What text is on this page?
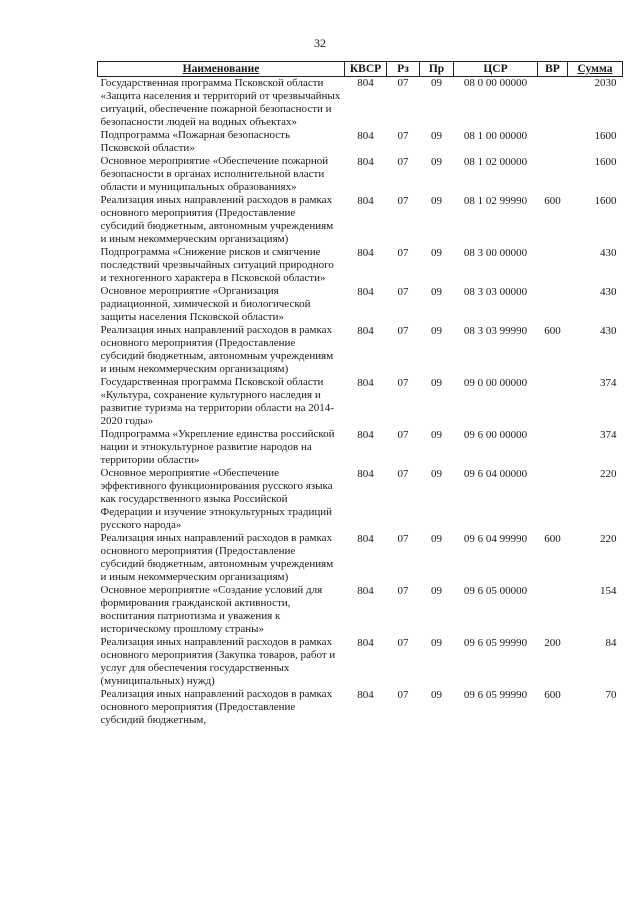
32
Наименование	КВСР	Рз	Пр	ЦСР	ВР	Сумма
Государственная программа Псковской области «Защита населения и территорий от чрезвычайных ситуаций, обеспечение пожарной безопасности и безопасности людей на водных объектах»	804	07	09	08 0 00 00000		2030
Подпрограмма «Пожарная безопасность Псковской области»	804	07	09	08 1 00 00000		1600
Основное мероприятие «Обеспечение пожарной безопасности в органах исполнительной власти области и муниципальных образованиях»	804	07	09	08 1 02 00000		1600
Реализация иных направлений расходов в рамках основного мероприятия (Предоставление субсидий бюджетным, автономным учреждениям и иным некоммерческим организациям)	804	07	09	08 1 02 99990	600	1600
Подпрограмма «Снижение рисков и смягчение последствий чрезвычайных ситуаций природного и техногенного характера в Псковской области»	804	07	09	08 3 00 00000		430
Основное мероприятие «Организация радиационной, химической и биологической защиты населения Псковской области»	804	07	09	08 3 03 00000		430
Реализация иных направлений расходов в рамках основного мероприятия (Предоставление субсидий бюджетным, автономным учреждениям и иным некоммерческим организациям)	804	07	09	08 3 03 99990	600	430
Государственная программа Псковской области «Культура, сохранение культурного наследия и развитие туризма на территории области на 2014-2020 годы»	804	07	09	09 0 00 00000		374
Подпрограмма «Укрепление единства российской нации и этнокультурное развитие народов на территории области»	804	07	09	09 6 00 00000		374
Основное мероприятие «Обеспечение эффективного функционирования русского языка как государственного языка Российской Федерации и изучение этнокультурных традиций русского народа»	804	07	09	09 6 04 00000		220
Реализация иных направлений расходов в рамках основного мероприятия (Предоставление субсидий бюджетным, автономным учреждениям и иным некоммерческим организациям)	804	07	09	09 6 04 99990	600	220
Основное мероприятие «Создание условий для формирования гражданской активности, воспитания патриотизма и уважения к историческому прошлому страны»	804	07	09	09 6 05 00000		154
Реализация иных направлений расходов в рамках основного мероприятия (Закупка товаров, работ и услуг для обеспечения государственных (муниципальных) нужд)	804	07	09	09 6 05 99990	200	84
Реализация иных направлений расходов в рамках основного мероприятия (Предоставление субсидий бюджетным,	804	07	09	09 6 05 99990	600	70
